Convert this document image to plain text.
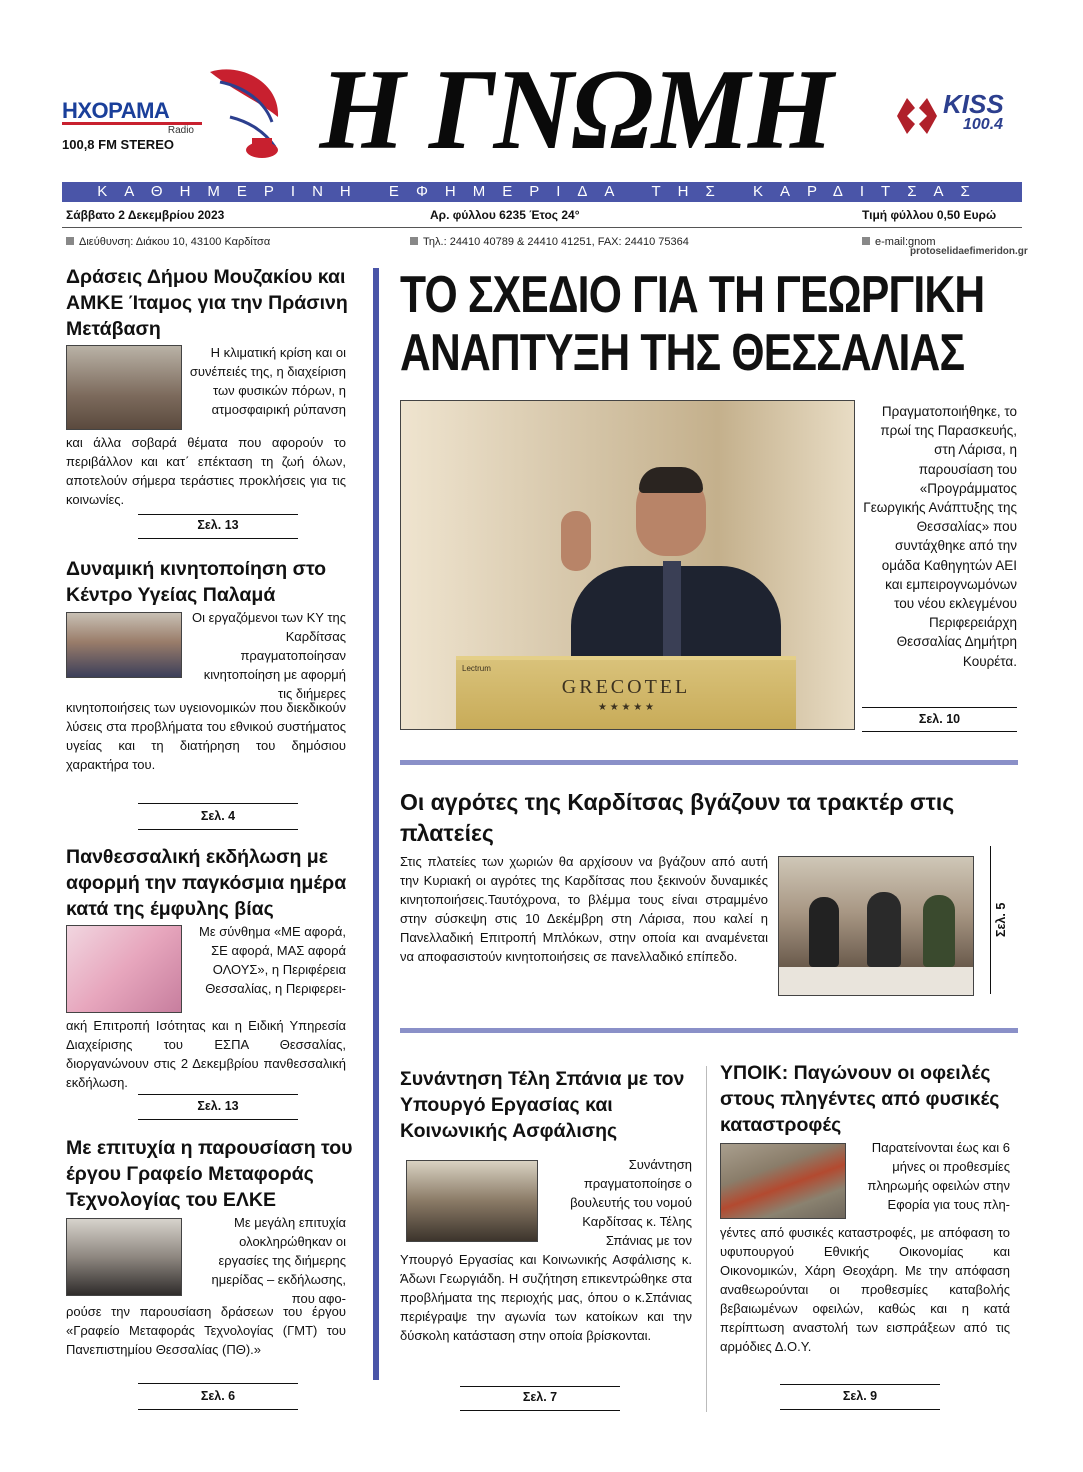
ΗΧΟΡΑΜΑ
Radio
100,8 FM STEREO Η ΓΝΩΜΗ	KISS
100.4
ΚΑΘΗΜΕΡΙΝΗ ΕΦΗΜΕΡΙΔΑ ΤΗΣ ΚΑΡΔΙΤΣΑΣ
Σάββατο 2 Δεκεμβρίου 2023	Αρ. φύλλου 6235 Έτος 24°	Τιμή φύλλου 0,50 Ευρώ
Διεύθυνση: Διάκου 10, 43100 Καρδίτσα	Τηλ.: 24410 40789 & 24410 41251, FAX: 24410 75364	e-mail:gnom
protoselidaefimeridon.gr
Δράσεις Δήμου Μουζακίου και ΑΜΚΕ Ίταμος για την Πράσινη Μετάβαση
Η κλιματική κρίση και οι συνέπειές της, η διαχείριση των φυσικών πόρων, η ατμοσφαιρική ρύπανση
και άλλα σοβαρά θέματα που αφορούν το περιβάλλον και κατ΄ επέκταση τη ζωή όλων, αποτελούν σήμερα τεράστιες προκλήσεις για τις κοινωνίες.
Σελ. 13
Δυναμική κινητοποίηση στο Κέντρο Υγείας Παλαμά
Οι εργαζόμενοι των ΚΥ της Καρδίτσας πραγματοποίησαν κινητοποίηση με αφορμή τις διήμερες
κινητοποιήσεις των υγειονομικών που διεκδικούν λύσεις στα προβλήματα του εθνικού συστήματος υγείας και τη διατήρηση του δημόσιου χαρακτήρα του.
Σελ. 4
Πανθεσσαλική εκδήλωση με αφορμή την παγκόσμια ημέρα κατά της έμφυλης βίας
Με σύνθημα «ΜΕ αφορά, ΣΕ αφορά, ΜΑΣ αφορά ΟΛΟΥΣ», η Περιφέρεια Θεσσαλίας, η Περιφερει-
ακή Επιτροπή Ισότητας και η Ειδική Υπηρεσία Διαχείρισης του ΕΣΠΑ Θεσσαλίας, διοργανώνουν στις 2 Δεκεμβρίου πανθεσσαλική εκδήλωση.
Σελ. 13
Με επιτυχία η παρουσίαση του έργου Γραφείο Μεταφοράς Τεχνολογίας του ΕΛΚΕ
Με μεγάλη επιτυχία ολοκληρώθηκαν οι εργασίες της διήμερης ημερίδας – εκδήλωσης, που αφο-
ρούσε την παρουσίαση δράσεων του έργου «Γραφείο Μεταφοράς Τεχνολογίας (ΓΜΤ) του Πανεπιστημίου Θεσσαλίας (ΠΘ).»
Σελ. 6
ΤΟ ΣΧΕΔΙΟ ΓΙΑ ΤΗ ΓΕΩΡΓΙΚΗ
ΑΝΑΠΤΥΞΗ ΤΗΣ ΘΕΣΣΑΛΙΑΣ
GRECOTEL
★ ★ ★ ★ ★
Lectrum
Πραγματοποιήθηκε, το πρωί της Παρασκευής, στη Λάρισα, η παρουσίαση του «Προγράμματος Γεωργικής Ανάπτυξης της Θεσσαλίας» που συντάχθηκε από την ομάδα Καθηγητών ΑΕΙ και εμπειρογνωμόνων του νέου εκλεγμένου Περιφερειάρχη Θεσσαλίας Δημήτρη Κουρέτα.
Σελ. 10
Οι αγρότες της Καρδίτσας βγάζουν τα τρακτέρ στις πλατείες
Στις πλατείες των χωριών θα αρχίσουν να βγάζουν από αυτή την Κυριακή οι αγρότες της Καρδίτσας που ξεκινούν δυναμικές κινητοποιήσεις.Ταυτόχρονα, το βλέμμα τους είναι στραμμένο στην σύσκεψη στις 10 Δεκέμβρη στη Λάρισα, που καλεί η Πανελλαδική Επιτροπή Μπλόκων, στην οποία και αναμένεται να αποφασιστούν κινητοποιήσεις σε πανελλαδικό επίπεδο.
Σελ. 5
Συνάντηση Τέλη Σπάνια με τον Υπουργό Εργασίας και Κοινωνικής Ασφάλισης
Συνάντηση πραγματοποίησε ο βουλευτής του νομού Καρδίτσας κ. Τέλης Σπάνιας με τον
Υπουργό Εργασίας και Κοινωνικής Ασφάλισης κ. Άδωνι Γεωργιάδη. Η συζήτηση επικεντρώθηκε στα προβλήματα της περιοχής μας, όπου ο κ.Σπάνιας περιέγραψε την αγωνία των κατοίκων και την δύσκολη κατάσταση στην οποία βρίσκονται.
Σελ. 7
ΥΠΟΙΚ: Παγώνουν οι οφειλές στους πληγέντες από φυσικές καταστροφές
Παρατείνονται έως και 6 μήνες οι προθεσμίες πληρωμής οφειλών στην Εφορία για τους πλη-
γέντες από φυσικές καταστροφές, με απόφαση το υφυπουργού Εθνικής Οικονομίας και Οικονομικών, Χάρη Θεοχάρη. Με την απόφαση αναθεωρούνται οι προθεσμίες καταβολής βεβαιωμένων οφειλών, καθώς και η κατά περίπτωση αναστολή των εισπράξεων από τις αρμόδιες Δ.Ο.Υ.
Σελ. 9
